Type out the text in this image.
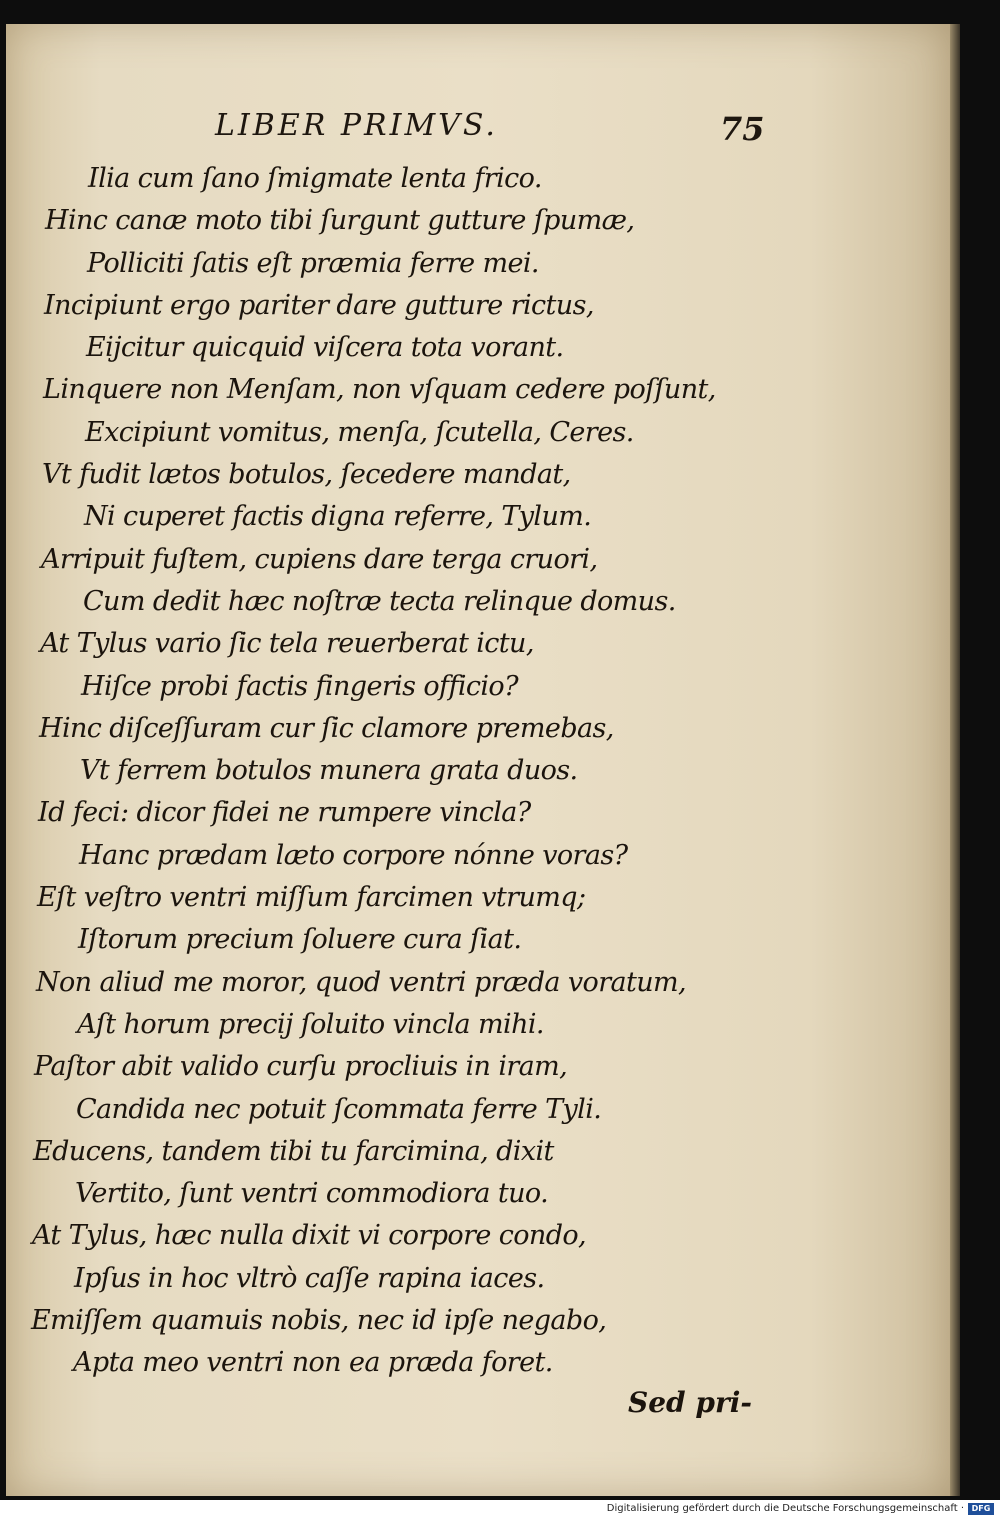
LIBER PRIMVS.	75
Ilia cum ſano ſmigmate lenta frico.
Hinc canæ moto tibi ſurgunt gutture ſpumæ,
Polliciti ſatis eſt præmia ferre mei.
Incipiunt ergo pariter dare gutture rictus,
Eijcitur quicquid viſcera tota vorant.
Linquere non Menſam, non vſquam cedere poſſunt,
Excipiunt vomitus, menſa, ſcutella, Ceres.
Vt fudit lætos botulos, ſecedere mandat,
Ni cuperet factis digna referre, Tylum.
Arripuit fuſtem, cupiens dare terga cruori,
Cum dedit hæc noſtræ tecta relinque domus.
At Tylus vario ſic tela reuerberat ictu,
Hiſce probi factis fingeris officio?
Hinc diſceſſuram cur ſic clamore premebas,
Vt ferrem botulos munera grata duos.
Id feci: dicor fidei ne rumpere vincla?
Hanc prædam læto corpore nónne voras?
Eſt veſtro ventri miſſum farcimen vtrumq;
Iſtorum precium ſoluere cura ſiat.
Non aliud me moror, quod ventri præda voratum,
Aſt horum precij ſoluito vincla mihi.
Paſtor abit valido curſu procliuis in iram,
Candida nec potuit ſcommata ferre Tyli.
Educens, tandem tibi tu farcimina, dixit
Vertito, ſunt ventri commodiora tuo.
At Tylus, hæc nulla dixit vi corpore condo,
Ipſus in hoc vltrò caſſe rapina iaces.
Emiſſem quamuis nobis, nec id ipſe negabo,
Apta meo ventri non ea præda foret.
Sed pri-
Digitalisierung gefördert durch die Deutsche Forschungsgemeinschaft · DFG
